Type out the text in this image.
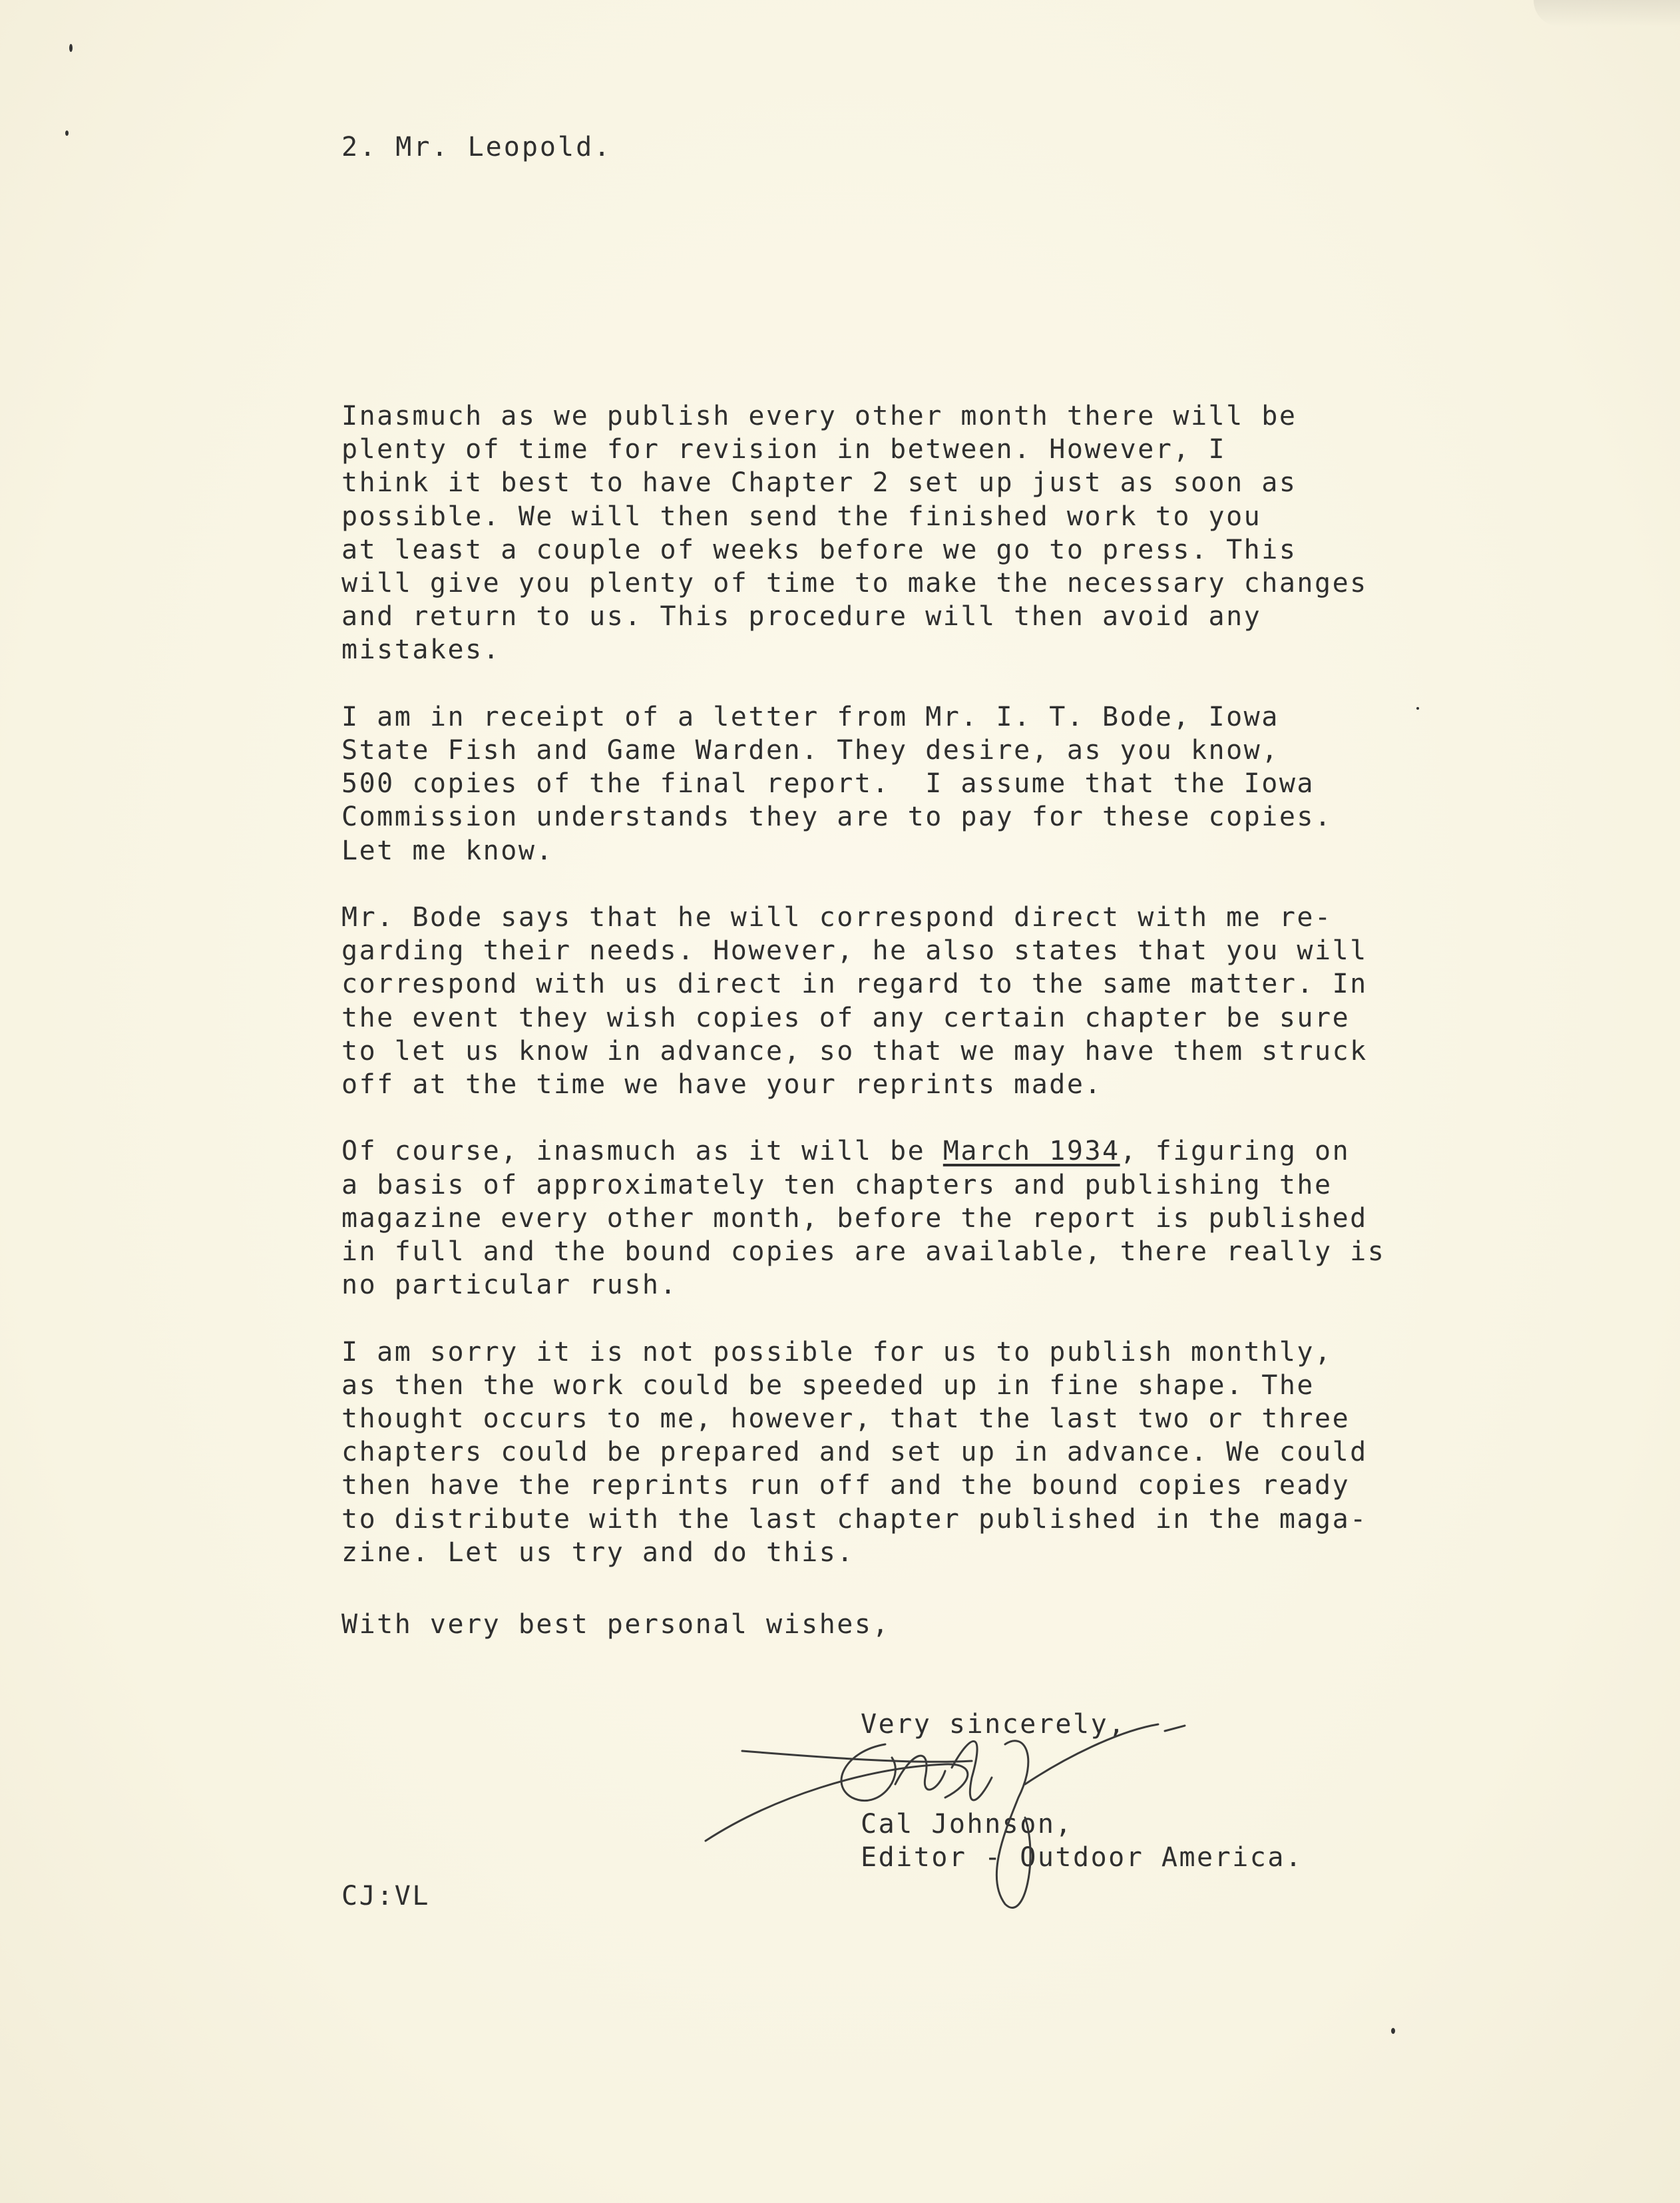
2. Mr. Leopold.
Inasmuch as we publish every other month there will be
plenty of time for revision in between. However, I
think it best to have Chapter 2 set up just as soon as
possible. We will then send the finished work to you
at least a couple of weeks before we go to press. This
will give you plenty of time to make the necessary changes
and return to us. This procedure will then avoid any
mistakes.
I am in receipt of a letter from Mr. I. T. Bode, Iowa
State Fish and Game Warden. They desire, as you know,
500 copies of the final report.  I assume that the Iowa
Commission understands they are to pay for these copies.
Let me know.
Mr. Bode says that he will correspond direct with me re-
garding their needs. However, he also states that you will
correspond with us direct in regard to the same matter. In
the event they wish copies of any certain chapter be sure
to let us know in advance, so that we may have them struck
off at the time we have your reprints made.
Of course, inasmuch as it will be March 1934, figuring on
a basis of approximately ten chapters and publishing the
magazine every other month, before the report is published
in full and the bound copies are available, there really is
no particular rush.
I am sorry it is not possible for us to publish monthly,
as then the work could be speeded up in fine shape. The
thought occurs to me, however, that the last two or three
chapters could be prepared and set up in advance. We could
then have the reprints run off and the bound copies ready
to distribute with the last chapter published in the maga-
zine. Let us try and do this.
With very best personal wishes,
Very sincerely,
Cal Johnson,
Editor - Outdoor America.
CJ:VL
